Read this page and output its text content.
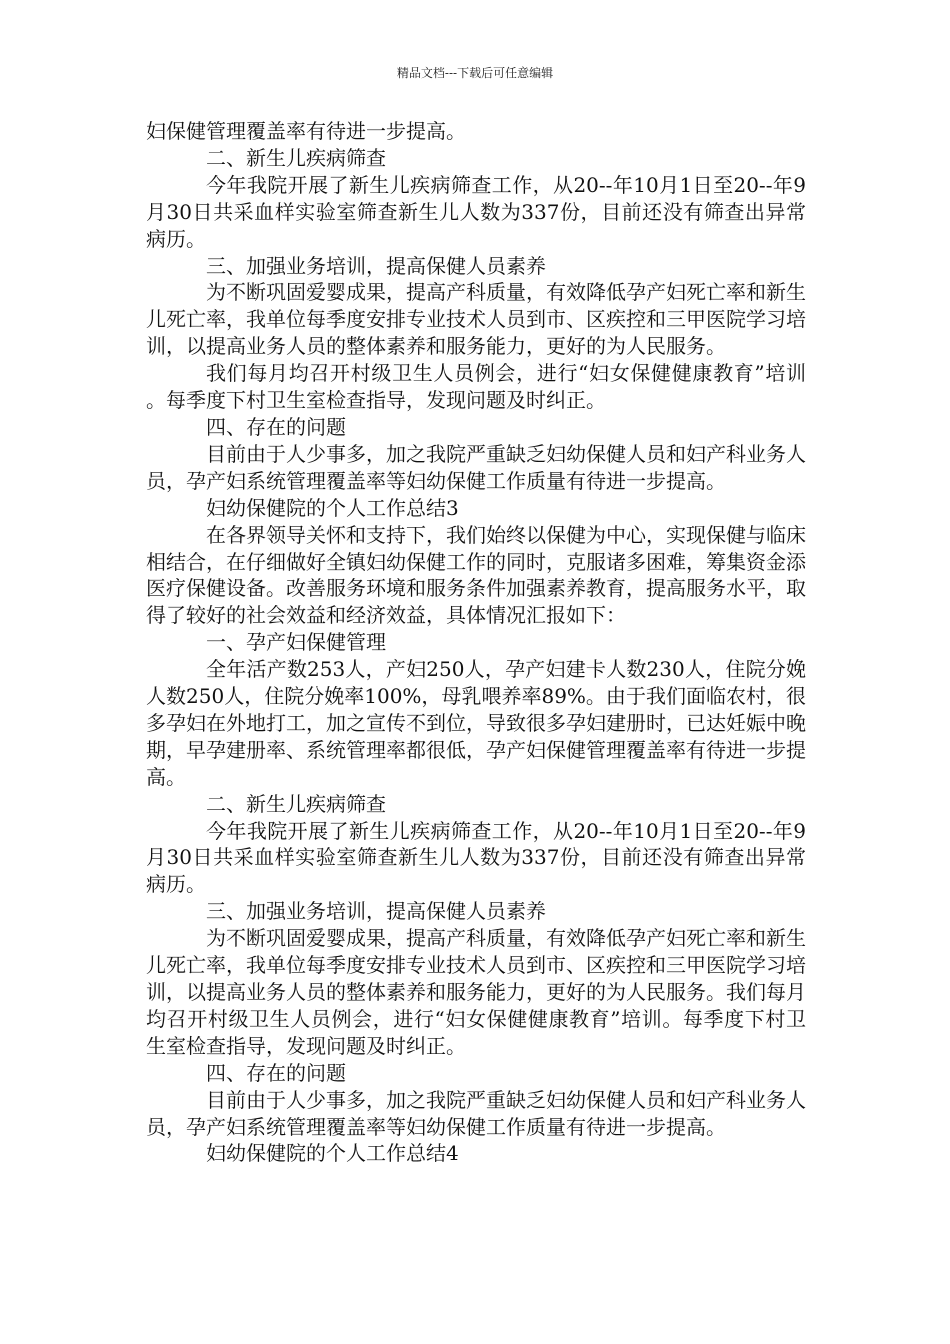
精品文档---下载后可任意编辑

妇保健管理覆盖率有待进一步提高。

二、新生儿疾病筛查

今年我院开展了新生儿疾病筛查工作，从20--年10月1日至20--年9月30日共采血样实验室筛查新生儿人数为337份，目前还没有筛查出异常病历。

三、加强业务培训，提高保健人员素养

为不断巩固爱婴成果，提高产科质量，有效降低孕产妇死亡率和新生儿死亡率，我单位每季度安排专业技术人员到市、区疾控和三甲医院学习培训，以提高业务人员的整体素养和服务能力，更好的为人民服务。

我们每月均召开村级卫生人员例会，进行“妇女保健健康教育”培训。每季度下村卫生室检查指导，发现问题及时纠正。

四、存在的问题

目前由于人少事多，加之我院严重缺乏妇幼保健人员和妇产科业务人员，孕产妇系统管理覆盖率等妇幼保健工作质量有待进一步提高。

妇幼保健院的个人工作总结3

在各界领导关怀和支持下，我们始终以保健为中心，实现保健与临床相结合，在仔细做好全镇妇幼保健工作的同时，克服诸多困难，筹集资金添医疗保健设备。改善服务环境和服务条件加强素养教育，提高服务水平，取得了较好的社会效益和经济效益，具体情况汇报如下：

一、孕产妇保健管理

全年活产数253人，产妇250人，孕产妇建卡人数230人，住院分娩人数250人，住院分娩率100%，母乳喂养率89%。由于我们面临农村，很多孕妇在外地打工，加之宣传不到位，导致很多孕妇建册时，已达妊娠中晚期，早孕建册率、系统管理率都很低，孕产妇保健管理覆盖率有待进一步提高。

二、新生儿疾病筛查

今年我院开展了新生儿疾病筛查工作，从20--年10月1日至20--年9月30日共采血样实验室筛查新生儿人数为337份，目前还没有筛查出异常病历。

三、加强业务培训，提高保健人员素养

为不断巩固爱婴成果，提高产科质量，有效降低孕产妇死亡率和新生儿死亡率，我单位每季度安排专业技术人员到市、区疾控和三甲医院学习培训，以提高业务人员的整体素养和服务能力，更好的为人民服务。我们每月均召开村级卫生人员例会，进行“妇女保健健康教育”培训。每季度下村卫生室检查指导，发现问题及时纠正。

四、存在的问题

目前由于人少事多，加之我院严重缺乏妇幼保健人员和妇产科业务人员，孕产妇系统管理覆盖率等妇幼保健工作质量有待进一步提高。

妇幼保健院的个人工作总结4
